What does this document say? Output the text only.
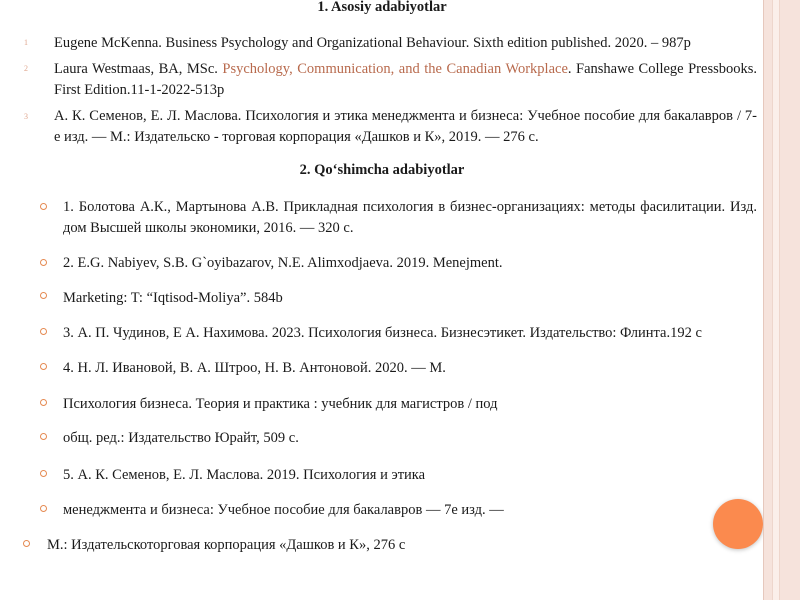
1. Asosiy adabiyotlar
1 Eugene McKenna. Business Psychology and Organizational Behaviour. Sixth edition published. 2020. – 987p
2 Laura Westmaas, BA, MSc. Psychology, Communication, and the Canadian Workplace. Fanshawe College Pressbooks. First Edition.11-1-2022-513p
3 А. К. Семенов, Е. Л. Маслова. Психология и этика менеджмента и бизнеса: Учебное пособие для бакалавров / 7- е изд. — М.: Издательско - торговая корпорация «Дашков и К», 2019. — 276 с.
2. Qo‘shimcha adabiyotlar
1. Болотова А.К., Мартынова А.В. Прикладная психология в бизнес-организациях: методы фасилитации. Изд. дом Высшей школы экономики, 2016. — 320 с.
2. E.G. Nabiyev, S.B. G`oyibazarov, N.E. Alimxodjaeva. 2019. Menejment.
Marketing: T: “Iqtisod-Moliya”. 584b
3. А. П. Чудинов, Е А. Нахимова. 2023. Психология бизнеса. Бизнесэтикет. Издательство: Флинта.192 с
4. Н. Л. Ивановой, В. А. Штроо, Н. В. Антоновой. 2020. — М.
Психология бизнеса. Теория и практика : учебник для магистров / под
общ. ред.: Издательство Юрайт, 509 с.
5. А. К. Семенов, Е. Л. Маслова. 2019. Психология и этика
менеджмента и бизнеса: Учебное пособие для бакалавров — 7е изд. —
М.: Издательскоторговая корпорация «Дашков и К», 276 с
